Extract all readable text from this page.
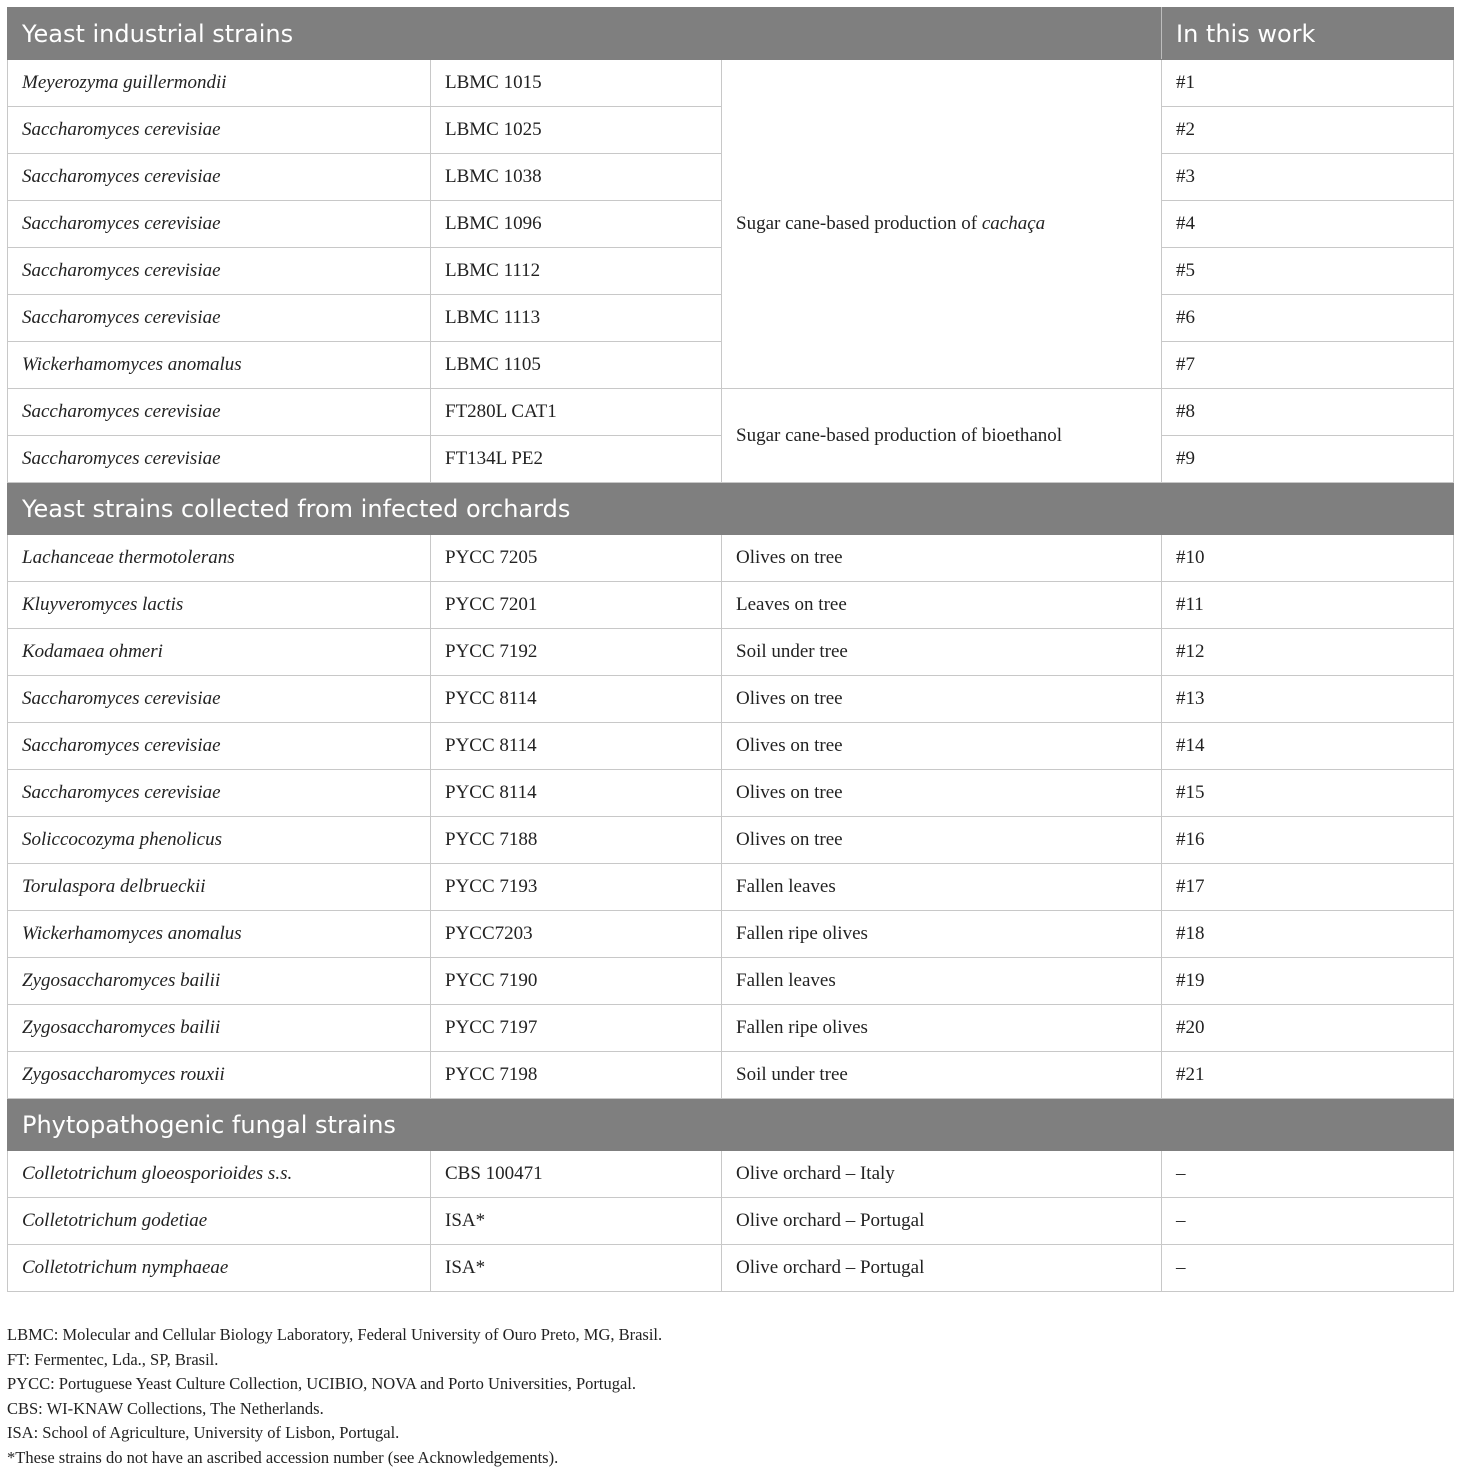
Yeast industrial strains			In this work
Meyerozyma guillermondii	LBMC 1015	Sugar cane-based production of cachaça	#1
Saccharomyces cerevisiae	LBMC 1025		#2
Saccharomyces cerevisiae	LBMC 1038		#3
Saccharomyces cerevisiae	LBMC 1096		#4
Saccharomyces cerevisiae	LBMC 1112		#5
Saccharomyces cerevisiae	LBMC 1113		#6
Wickerhamomyces anomalus	LBMC 1105		#7
Saccharomyces cerevisiae	FT280L CAT1	Sugar cane-based production of bioethanol	#8
Saccharomyces cerevisiae	FT134L PE2		#9
Yeast strains collected from infected orchards			
Lachanceae thermotolerans	PYCC 7205	Olives on tree	#10
Kluyveromyces lactis	PYCC 7201	Leaves on tree	#11
Kodamaea ohmeri	PYCC 7192	Soil under tree	#12
Saccharomyces cerevisiae	PYCC 8114	Olives on tree	#13
Saccharomyces cerevisiae	PYCC 8114	Olives on tree	#14
Saccharomyces cerevisiae	PYCC 8114	Olives on tree	#15
Soliccocozyma phenolicus	PYCC 7188	Olives on tree	#16
Torulaspora delbrueckii	PYCC 7193	Fallen leaves	#17
Wickerhamomyces anomalus	PYCC7203	Fallen ripe olives	#18
Zygosaccharomyces bailii	PYCC 7190	Fallen leaves	#19
Zygosaccharomyces bailii	PYCC 7197	Fallen ripe olives	#20
Zygosaccharomyces rouxii	PYCC 7198	Soil under tree	#21
Phytopathogenic fungal strains			
Colletotrichum gloeosporioides s.s.	CBS 100471	Olive orchard – Italy	–
Colletotrichum godetiae	ISA*	Olive orchard – Portugal	–
Colletotrichum nymphaeae	ISA*	Olive orchard – Portugal	–
LBMC: Molecular and Cellular Biology Laboratory, Federal University of Ouro Preto, MG, Brasil.
FT: Fermentec, Lda., SP, Brasil.
PYCC: Portuguese Yeast Culture Collection, UCIBIO, NOVA and Porto Universities, Portugal.
CBS: WI-KNAW Collections, The Netherlands.
ISA: School of Agriculture, University of Lisbon, Portugal.
*These strains do not have an ascribed accession number (see Acknowledgements).
